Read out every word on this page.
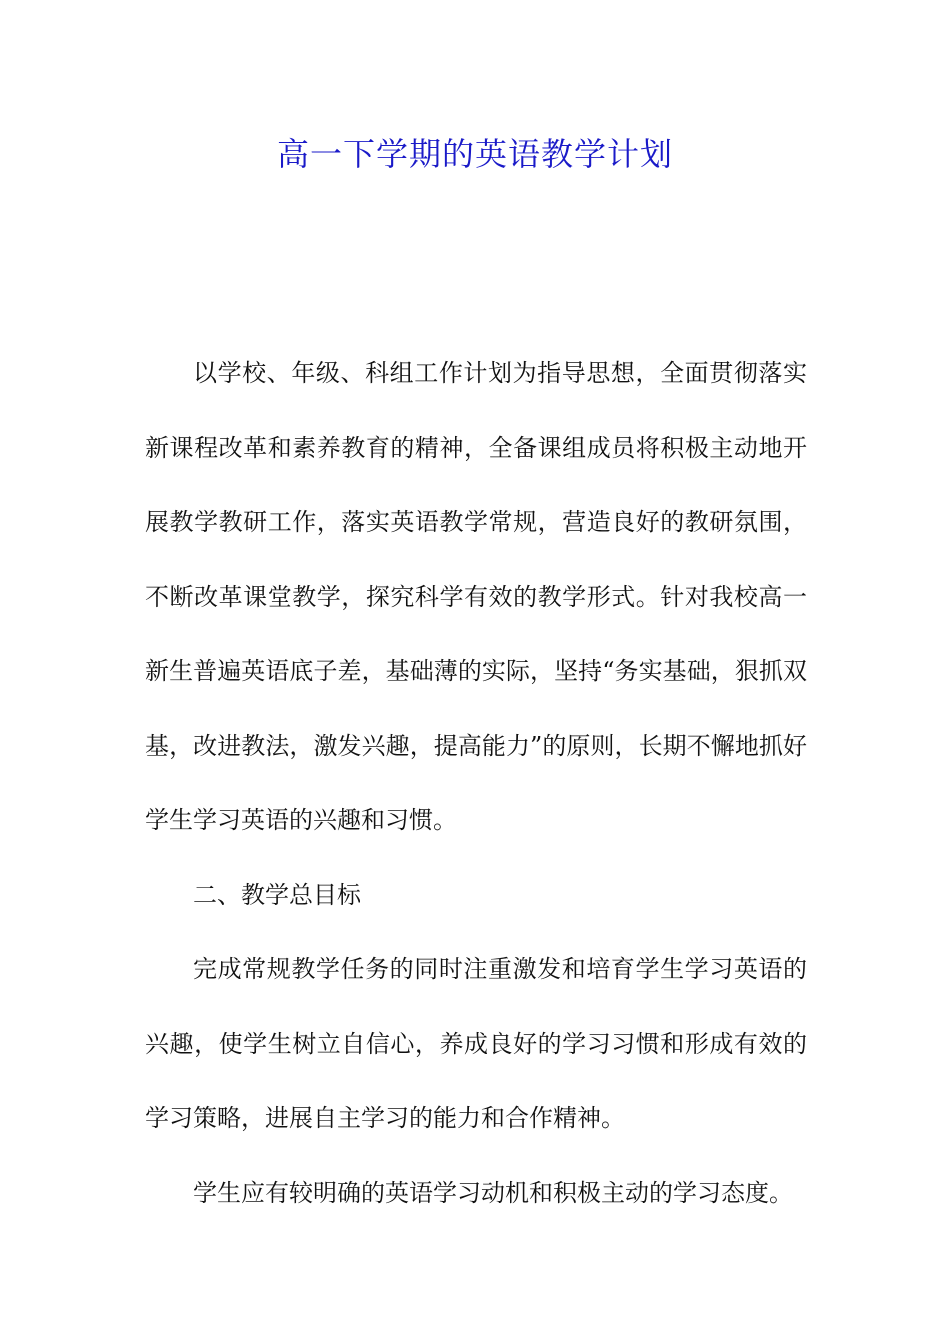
高一下学期的英语教学计划

以学校、年级、科组工作计划为指导思想，全面贯彻落实新课程改革和素养教育的精神，全备课组成员将积极主动地开展教学教研工作，落实英语教学常规，营造良好的教研氛围，不断改革课堂教学，探究科学有效的教学形式。针对我校高一新生普遍英语底子差，基础薄的实际，坚持“务实基础，狠抓双基，改进教法，激发兴趣，提高能力”的原则，长期不懈地抓好学生学习英语的兴趣和习惯。

二、教学总目标

完成常规教学任务的同时注重激发和培育学生学习英语的兴趣，使学生树立自信心，养成良好的学习习惯和形成有效的学习策略，进展自主学习的能力和合作精神。

学生应有较明确的英语学习动机和积极主动的学习态度。
